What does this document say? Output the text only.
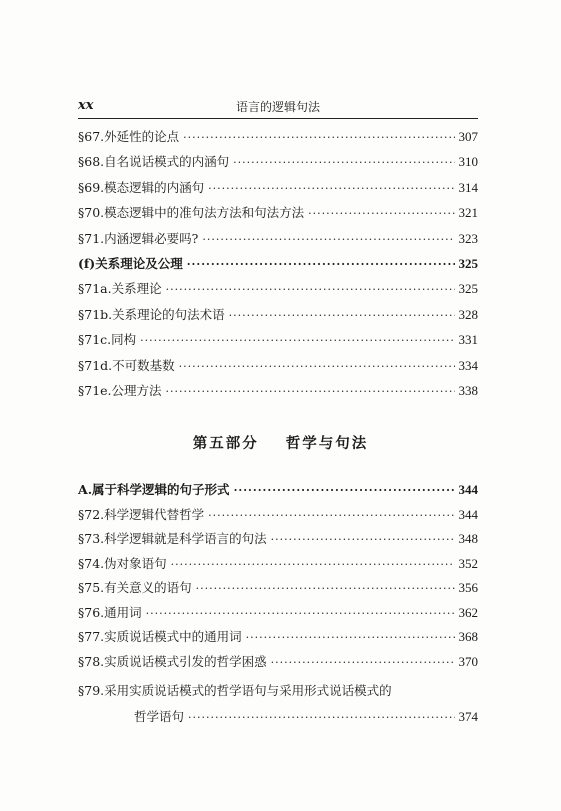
xx	语言的逻辑句法
§67.外延性的论点 ·····	307
§68.自名说话模式的内涵句 ·····	310
§69.模态逻辑的内涵句 ·····	314
§70.模态逻辑中的准句法方法和句法方法 ·····	321
§71.内涵逻辑必要吗? ·····	323
(f)关系理论及公理 ·····	325
§71a.关系理论 ·····	325
§71b.关系理论的句法术语 ·····	328
§71c.同构 ·····	331
§71d.不可数基数 ·····	334
§71e.公理方法 ·····	338
第五部分 哲学与句法
A.属于科学逻辑的句子形式 ·····	344
§72.科学逻辑代替哲学 ·····	344
§73.科学逻辑就是科学语言的句法 ·····	348
§74.伪对象语句 ·····	352
§75.有关意义的语句 ·····	356
§76.通用词 ·····	362
§77.实质说话模式中的通用词 ·····	368
§78.实质说话模式引发的哲学困惑 ·····	370
§79.采用实质说话模式的哲学语句与采用形式说话模式的
哲学语句 ·····	374
